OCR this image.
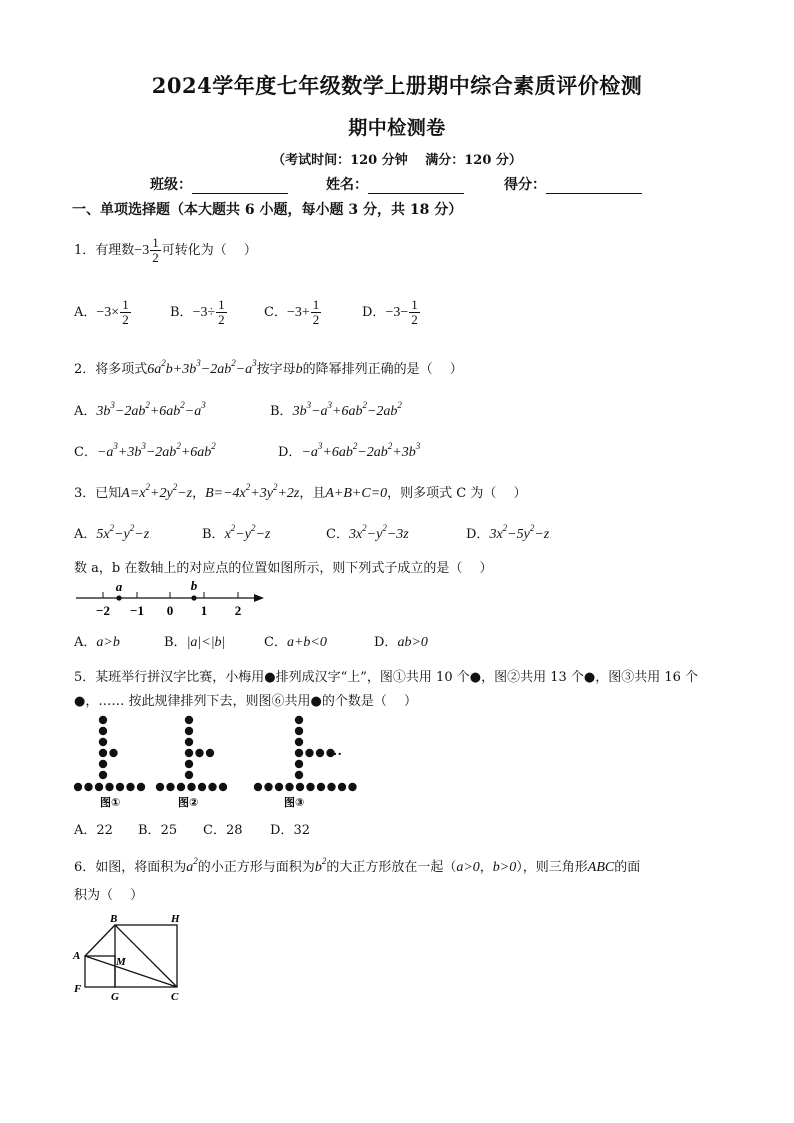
2024学年度七年级数学上册期中综合素质评价检测
期中检测卷
（考试时间：120 分钟　 满分：120 分）
班级：	姓名：	得分：
一、单项选择题（本大题共 6 小题，每小题 3 分，共 18 分）
1．有理数$-3 \frac{1}{2}$ 可转化为（　 ）
A．$-3\times \frac{1}{2}$	B．$-3\div \frac{1}{2}$	C．$-3+ \frac{1}{2}$	D．$-3- \frac{1}{2}$
2．将多项式$6a^2b+3b^3-2ab^2-a^3$按字母b的降幂排列正确的是（　 ）
A．$3b^3-2ab^2+6ab^2-a^3$	B．$3b^3-a^3+6ab^2-2ab^2$
C．$-a^3+3b^3-2ab^2+6ab^2$	D．$-a^3+6ab^2-2ab^2+3b^3$
3．已知$A=x^2+2y^2-z$，$B=-4x^2+3y^2+2z$，且A+B+C=0，则多项式 C 为（　 ）
A．$5x^2-y^2-z$	B．$x^2-y^2-z$	C．$3x^2-y^2-3z$	D．$3x^2-5y^2-z$
数 a，b 在数轴上的对应点的位置如图所示，则下列式子成立的是（　 ）
−2 −1 0 1 2
a	b
A．a>b	B．|a|<|b|	C．a+b<0	D．ab>0
5．某班举行拼汉字比赛，小梅用●排列成汉字“上”，图①共用 10 个●，图②共用 13 个●，图③共用 16 个
●，…… 按此规律排列下去，则图⑥共用●的个数是（　 ）
图①	图②	图③
…
A．22 B．25 C．28 D．32
6．如图，将面积为$a^2$的小正方形与面积为$b^2$的大正方形放在一起（a>0，b>0），则三角形ABC的面
积为（　 ）
B	H
A	M
F
G	C
